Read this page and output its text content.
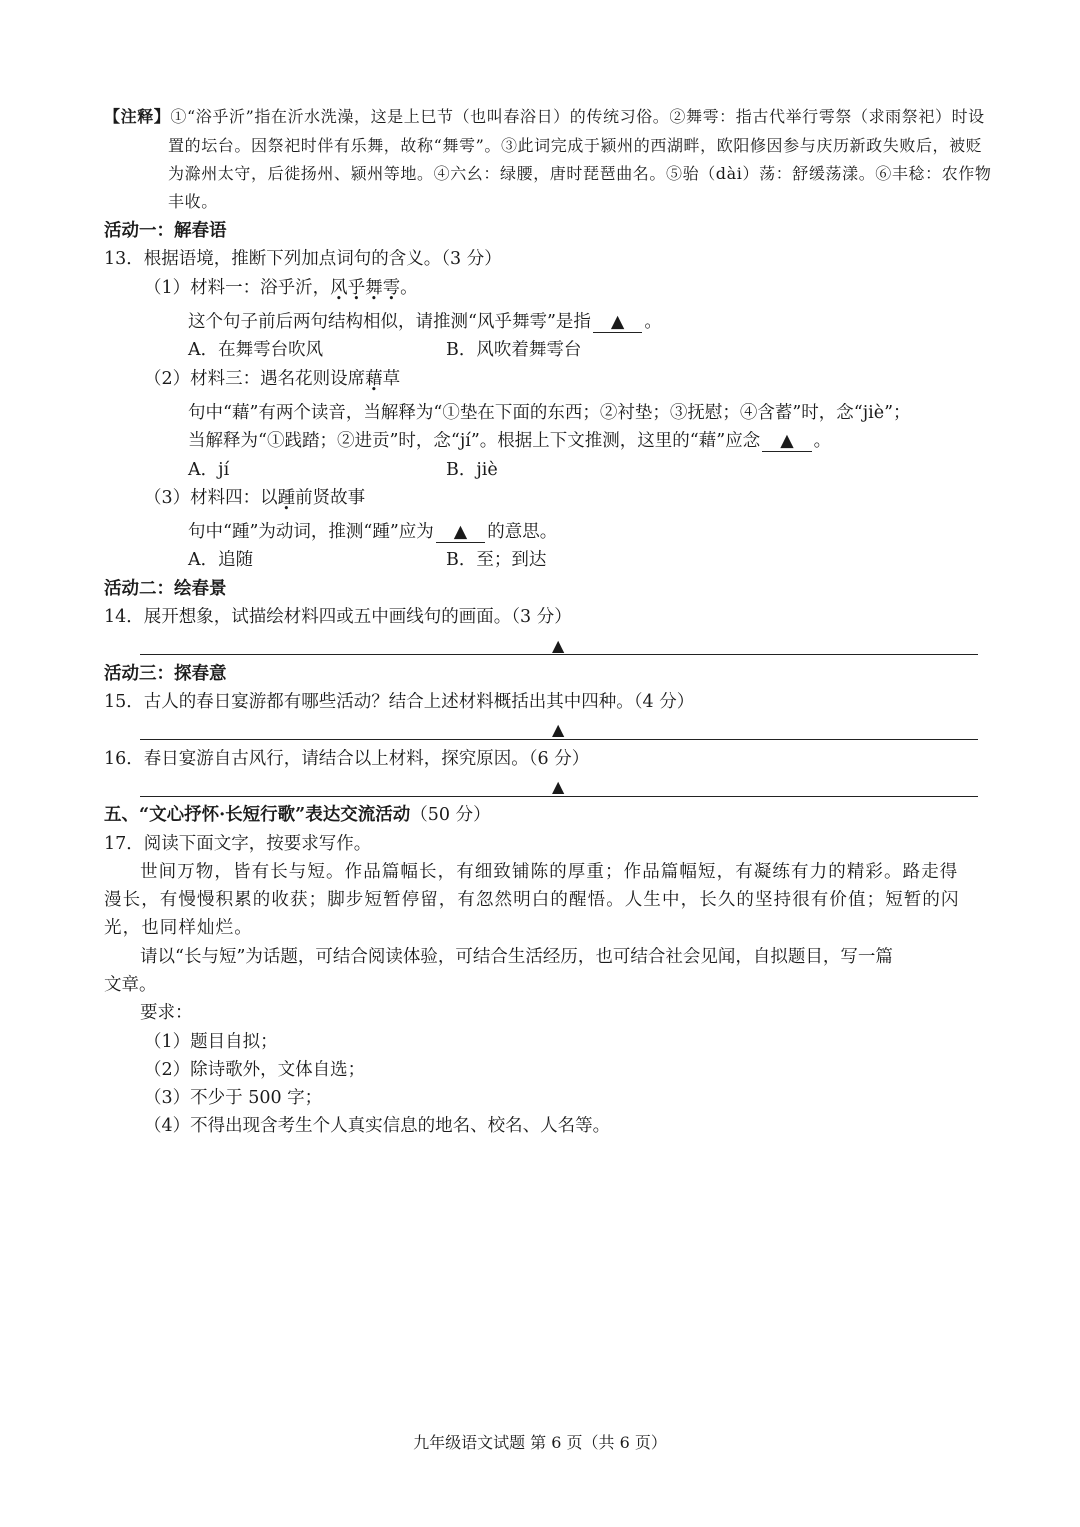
【注释】①“浴乎沂”指在沂水洗澡，这是上巳节（也叫春浴日）的传统习俗。②舞雩：指古代举行雩祭（求雨祭祀）时设
置的坛台。因祭祀时伴有乐舞，故称“舞雩”。③此词完成于颍州的西湖畔，欧阳修因参与庆历新政失败后，被贬
为滁州太守，后徙扬州、颍州等地。④六幺：绿腰，唐时琵琶曲名。⑤骀（dài）荡：舒缓荡漾。⑥丰稔：农作物
丰收。
活动一：解春语
13．根据语境，推断下列加点词句的含义。（3 分）
（1）材料一：浴乎沂，风乎舞雩。
这个句子前后两句结构相似，请推测“风乎舞雩”是指 ▲ 。
A．在舞雩台吹风	B．风吹着舞雩台
（2）材料三：遇名花则设席藉草
句中“藉”有两个读音，当解释为“①垫在下面的东西；②衬垫；③抚慰；④含蓄”时，念“jiè”；
当解释为“①践踏；②进贡”时，念“jí”。根据上下文推测，这里的“藉”应念 ▲ 。
A．jí	B．jiè
（3）材料四：以踵前贤故事
句中“踵”为动词，推测“踵”应为 ▲ 的意思。
A．追随	B．至；到达
活动二：绘春景
14．展开想象，试描绘材料四或五中画线句的画面。（3 分）
▲
活动三：探春意
15．古人的春日宴游都有哪些活动？结合上述材料概括出其中四种。（4 分）
▲
16．春日宴游自古风行，请结合以上材料，探究原因。（6 分）
▲
五、“文心抒怀·长短行歌”表达交流活动（50 分）
17．阅读下面文字，按要求写作。
世间万物，皆有长与短。作品篇幅长，有细致铺陈的厚重；作品篇幅短，有凝练有力的精彩。路走得
漫长，有慢慢积累的收获；脚步短暂停留，有忽然明白的醒悟。人生中，长久的坚持很有价值；短暂的闪
光，也同样灿烂。
请以“长与短”为话题，可结合阅读体验，可结合生活经历，也可结合社会见闻，自拟题目，写一篇
文章。
要求：
（1）题目自拟；
（2）除诗歌外，文体自选；
（3）不少于 500 字；
（4）不得出现含考生个人真实信息的地名、校名、人名等。
九年级语文试题 第 6 页（共 6 页）
